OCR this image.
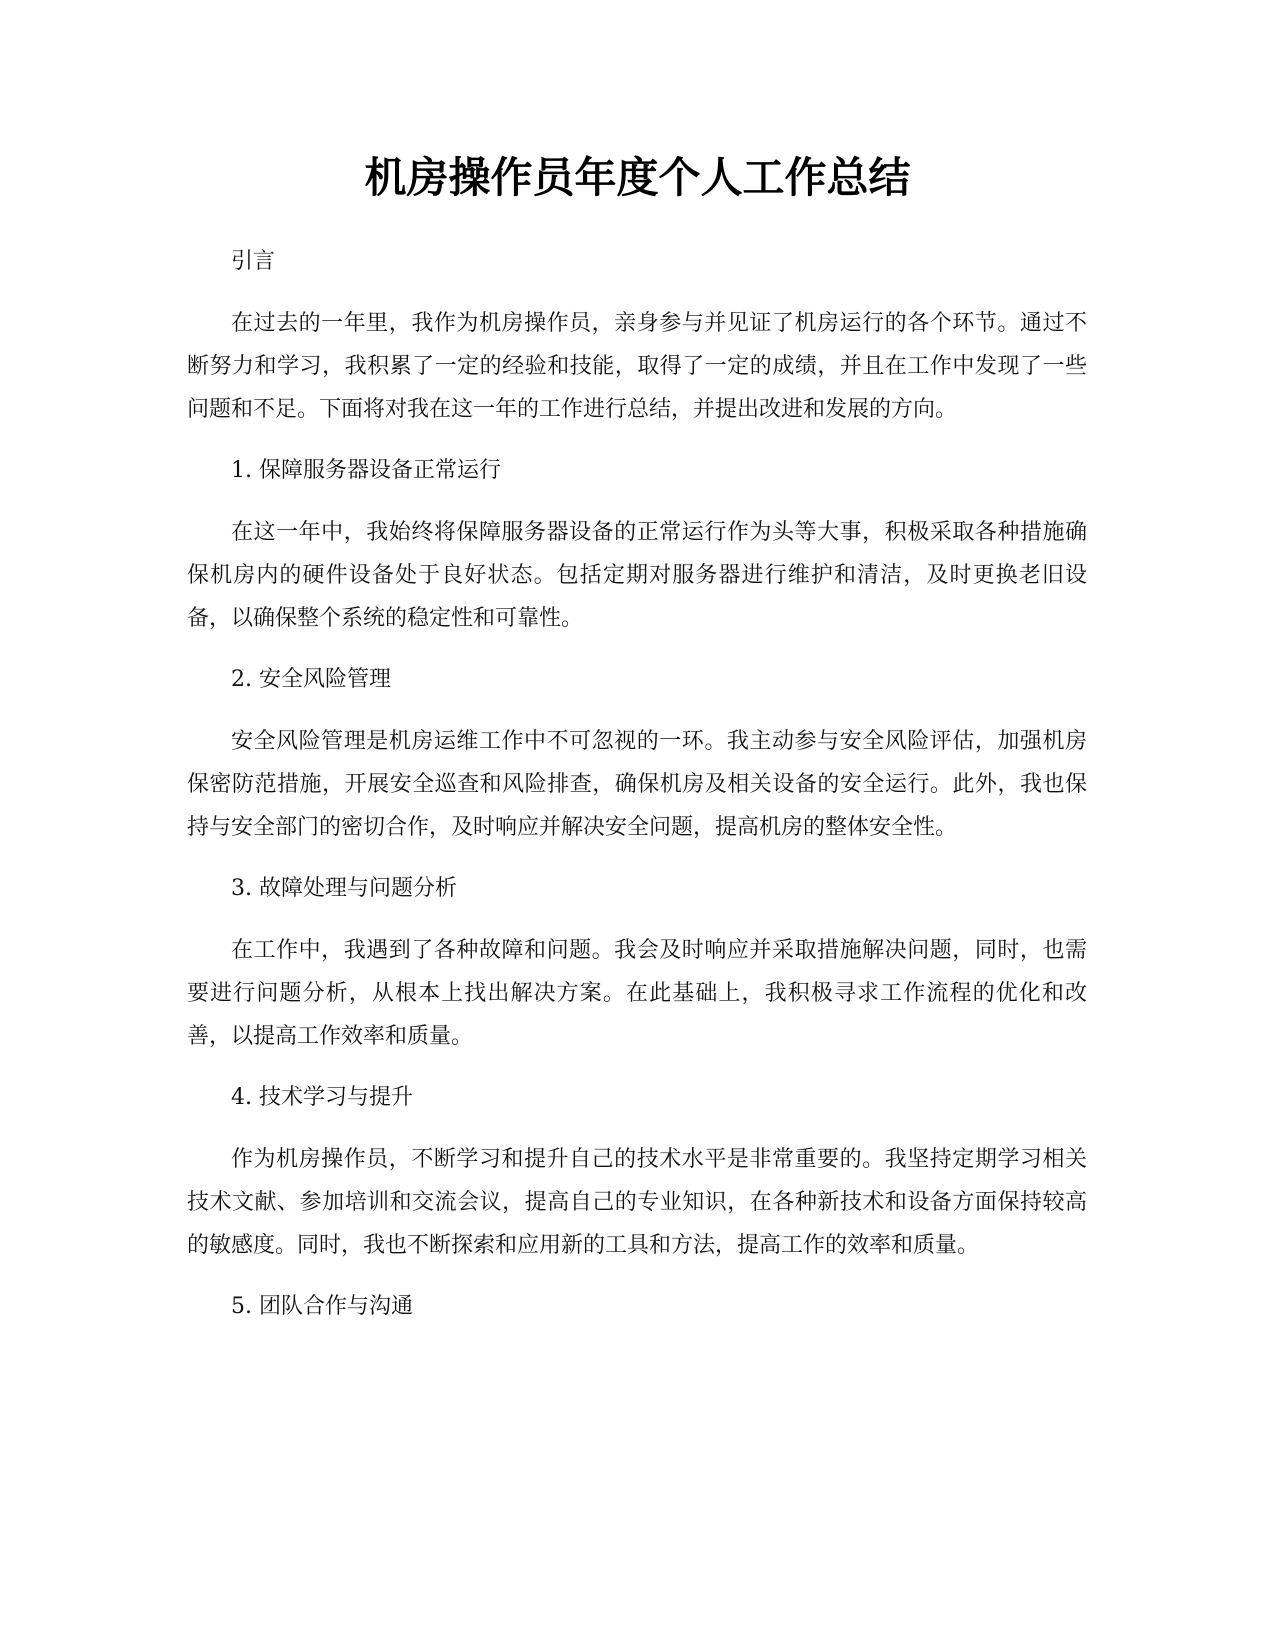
机房操作员年度个人工作总结

引言

在过去的一年里，我作为机房操作员，亲身参与并见证了机房运行的各个环节。通过不断努力和学习，我积累了一定的经验和技能，取得了一定的成绩，并且在工作中发现了一些问题和不足。下面将对我在这一年的工作进行总结，并提出改进和发展的方向。

1. 保障服务器设备正常运行

在这一年中，我始终将保障服务器设备的正常运行作为头等大事，积极采取各种措施确保机房内的硬件设备处于良好状态。包括定期对服务器进行维护和清洁，及时更换老旧设备，以确保整个系统的稳定性和可靠性。

2. 安全风险管理

安全风险管理是机房运维工作中不可忽视的一环。我主动参与安全风险评估，加强机房保密防范措施，开展安全巡查和风险排查，确保机房及相关设备的安全运行。此外，我也保持与安全部门的密切合作，及时响应并解决安全问题，提高机房的整体安全性。

3. 故障处理与问题分析

在工作中，我遇到了各种故障和问题。我会及时响应并采取措施解决问题，同时，也需要进行问题分析，从根本上找出解决方案。在此基础上，我积极寻求工作流程的优化和改善，以提高工作效率和质量。

4. 技术学习与提升

作为机房操作员，不断学习和提升自己的技术水平是非常重要的。我坚持定期学习相关技术文献、参加培训和交流会议，提高自己的专业知识，在各种新技术和设备方面保持较高的敏感度。同时，我也不断探索和应用新的工具和方法，提高工作的效率和质量。

5. 团队合作与沟通
